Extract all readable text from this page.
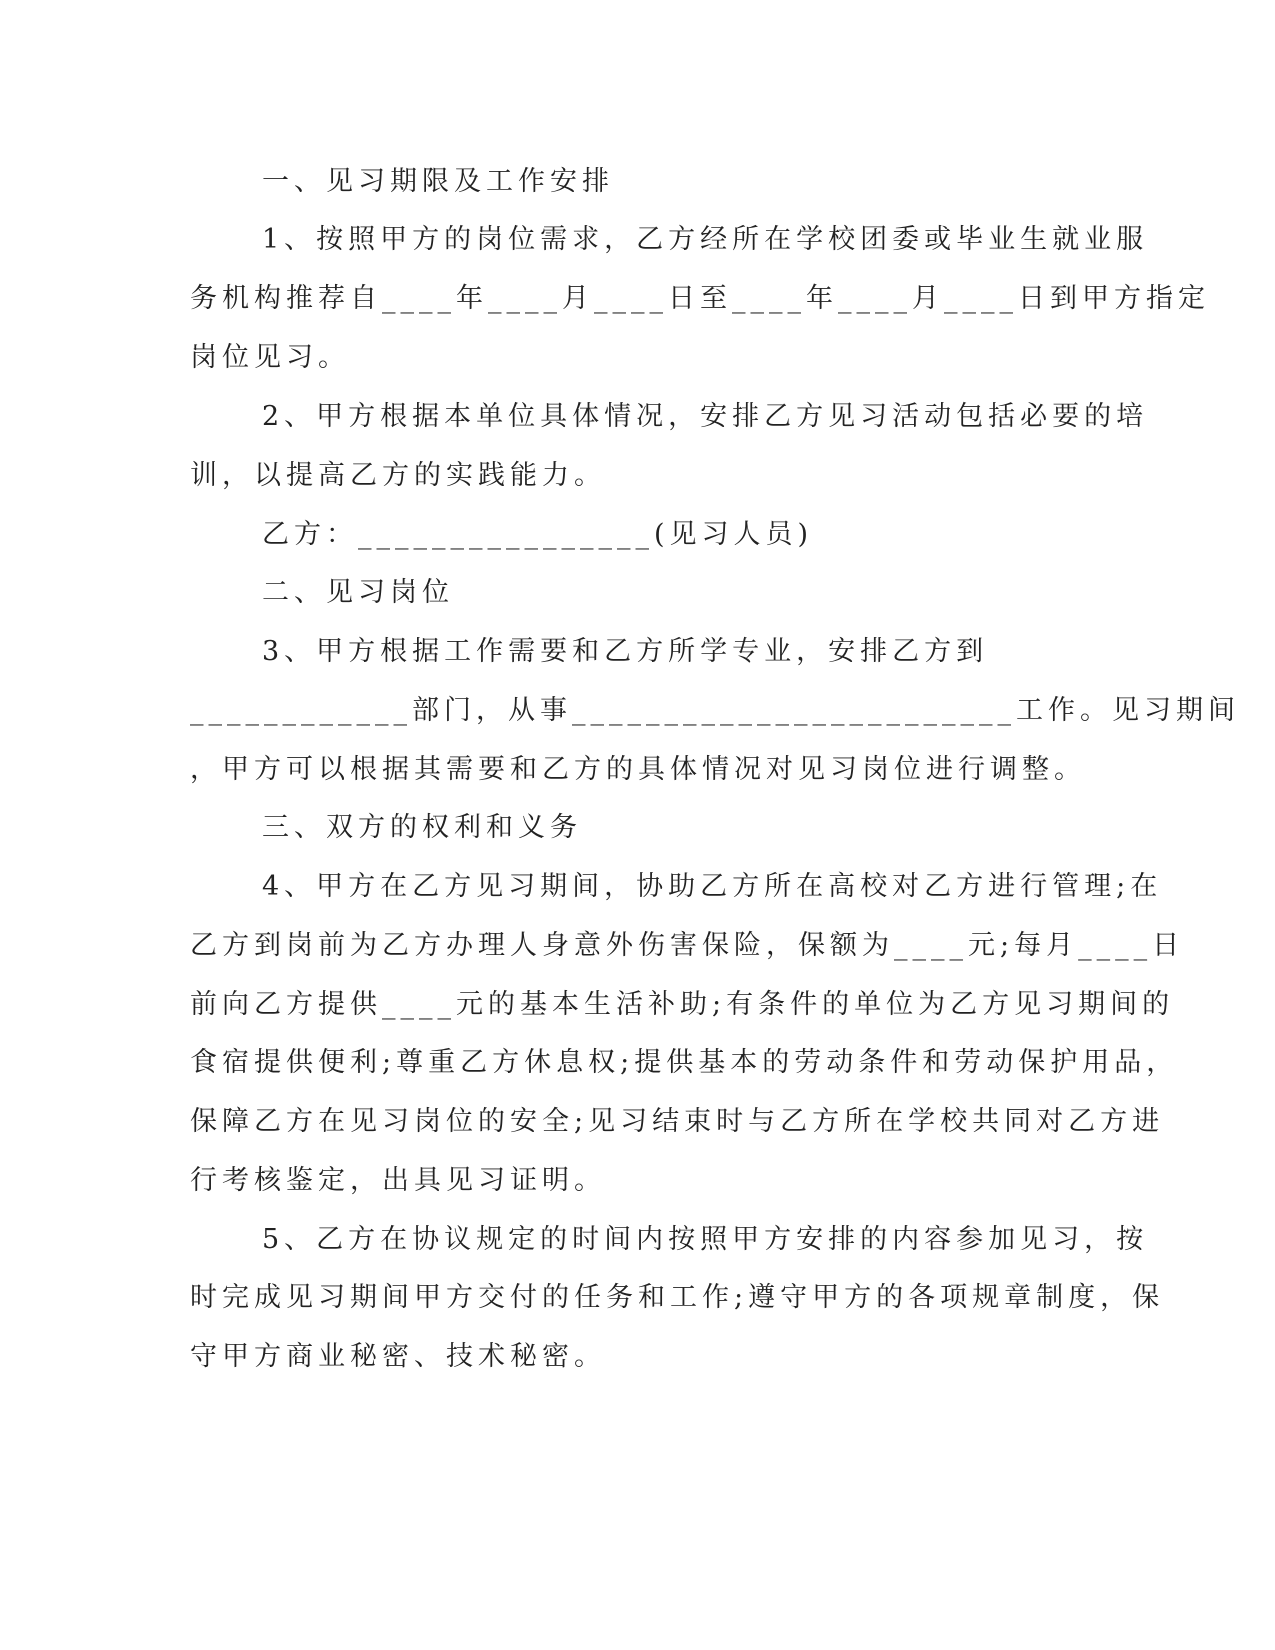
一、见习期限及工作安排
1、按照甲方的岗位需求，乙方经所在学校团委或毕业生就业服
务机构推荐自____年____月____日至____年____月____日到甲方指定
岗位见习。
2、甲方根据本单位具体情况，安排乙方见习活动包括必要的培
训，以提高乙方的实践能力。
乙方：________________(见习人员)
二、见习岗位
3、甲方根据工作需要和乙方所学专业，安排乙方到
____________部门，从事________________________工作。见习期间
，甲方可以根据其需要和乙方的具体情况对见习岗位进行调整。
三、双方的权利和义务
4、甲方在乙方见习期间，协助乙方所在高校对乙方进行管理;在
乙方到岗前为乙方办理人身意外伤害保险，保额为____元;每月____日
前向乙方提供____元的基本生活补助;有条件的单位为乙方见习期间的
食宿提供便利;尊重乙方休息权;提供基本的劳动条件和劳动保护用品，
保障乙方在见习岗位的安全;见习结束时与乙方所在学校共同对乙方进
行考核鉴定，出具见习证明。
5、乙方在协议规定的时间内按照甲方安排的内容参加见习，按
时完成见习期间甲方交付的任务和工作;遵守甲方的各项规章制度，保
守甲方商业秘密、技术秘密。
